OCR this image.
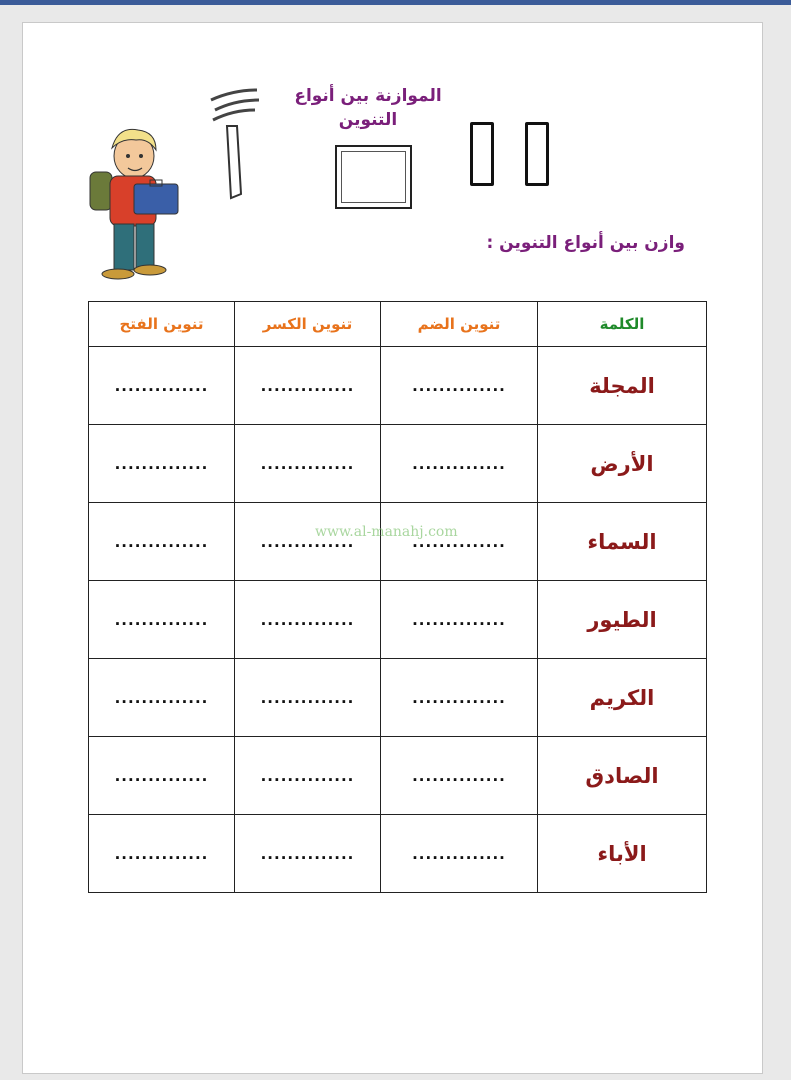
الموازنة بين أنواع التنوين
وازن بين أنواع التنوين :
تنوين الفتح	تنوين الكسر	تنوين الضم	الكلمة
..............	..............	..............	المجلة
..............	..............	..............	الأرض
..............	..............	..............	السماء
..............	..............	..............	الطيور
..............	..............	..............	الكريم
..............	..............	..............	الصادق
..............	..............	..............	الأباء
www.al-manahj.com
